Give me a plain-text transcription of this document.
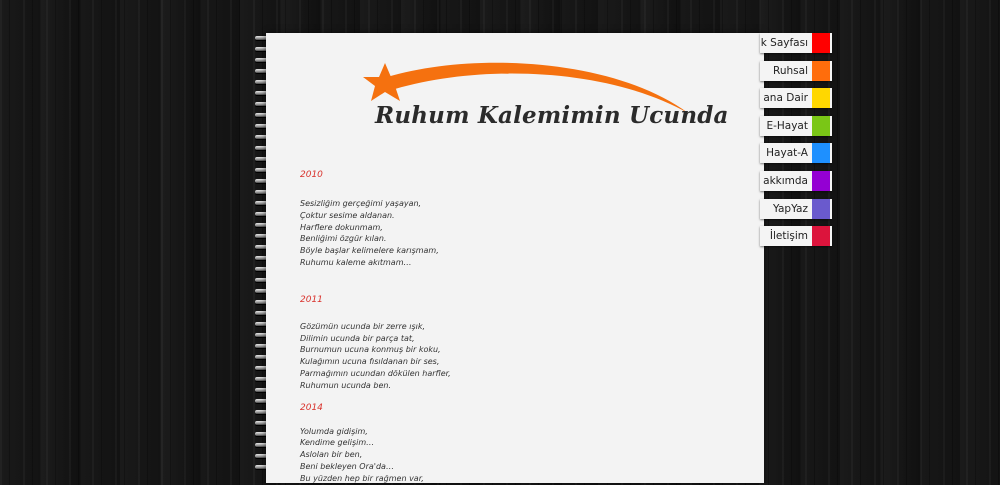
Ruhum Kalemimin Ucunda
2010
Sesizliğim gerçeğimi yaşayan,
Çoktur sesime aldanan.
Harflere dokunmam,
Benliğimi özgür kılan.
Böyle başlar kelimelere karışmam,
Ruhumu kaleme akıtmam…
2011
Gözümün ucunda bir zerre ışık,
Dilimin ucunda bir parça tat,
Burnumun ucuna konmuş bir koku,
Kulağımın ucuna fısıldanan bir ses,
Parmağımın ucundan dökülen harfler,
Ruhumun ucunda ben.
2014
Yolumda gidişim,
Kendime gelişim…
Aslolan bir ben,
Beni bekleyen Ora'da…
Bu yüzden hep bir rağmen var,
k Sayfası
Ruhsal
ana Dair
E-Hayat
Hayat-A
akkımda
YapYaz
İletişim
